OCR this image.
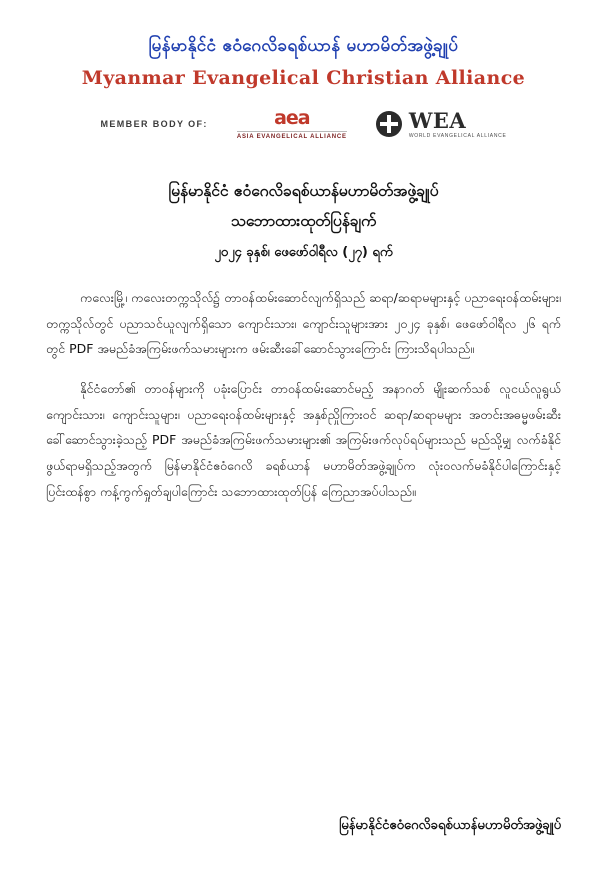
မြန်မာနိုင်ငံ ဧဝံဂေလိခရစ်ယာန် မဟာမိတ်အဖွဲ့ချုပ်
Myanmar Evangelical Christian Alliance
MEMBER BODY OF:	aea
ASIA EVANGELICAL ALLIANCE
WEA
WORLD EVANGELICAL ALLIANCE
မြန်မာနိုင်ငံ ဧဝံဂေလိခရစ်ယာန်မဟာမိတ်အဖွဲ့ချုပ်
သဘောထားထုတ်ပြန်ချက်
၂၀၂၄ ခုနှစ်၊ ဖေဖော်ဝါရီလ (၂၇) ရက်

ကလေးမြို့၊ ကလေးတက္ကသိုလ်၌ တာဝန်ထမ်းဆောင်လျက်ရှိသည် ဆရာ/ဆရာမများနှင့် ပညာရေးဝန်ထမ်းများ၊ တက္ကသိုလ်တွင် ပညာသင်ယူလျက်ရှိသော ကျောင်းသား၊ ကျောင်းသူများအား ၂၀၂၄ ခုနှစ်၊ ဖေဖော်ဝါရီလ ၂၆ ရက်တွင် PDF အမည်ခံအကြမ်းဖက်သမားများက ဖမ်းဆီးခေါ်ဆောင်သွားကြောင်း ကြားသိရပါသည်။

နိုင်ငံတော်၏ တာဝန်များကို ပခုံးပြောင်း တာဝန်ထမ်းဆောင်မည့် အနာဂတ် မျိုးဆက်သစ် လူငယ်လူရွယ် ကျောင်းသား၊ ကျောင်းသူများ၊ ပညာရေးဝန်ထမ်းများနှင့် အနှစ်ညှိုကြားဝင် ဆရာ/ဆရာမများ အတင်းအဓမ္မဖမ်းဆီးခေါ်ဆောင်သွားခဲ့သည့် PDF အမည်ခံအကြမ်းဖက်သမားများ၏ အကြမ်းဖက်လုပ်ရပ်များသည် မည်သို့မျှ လက်ခံနိုင်ဖွယ်ရာမရှိသည့်အတွက် မြန်မာနိုင်ငံဧဝံဂေလိ ခရစ်ယာန် မဟာမိတ်အဖွဲ့ချုပ်က လုံးဝလက်မခံနိုင်ပါကြောင်းနှင့် ပြင်းထန်စွာ ကန့်ကွက်ရှုတ်ချပါကြောင်း သဘောထားထုတ်ပြန် ကြေညာအပ်ပါသည်။

မြန်မာနိုင်ငံဧဝံဂေလိခရစ်ယာန်မဟာမိတ်အဖွဲ့ချုပ်
